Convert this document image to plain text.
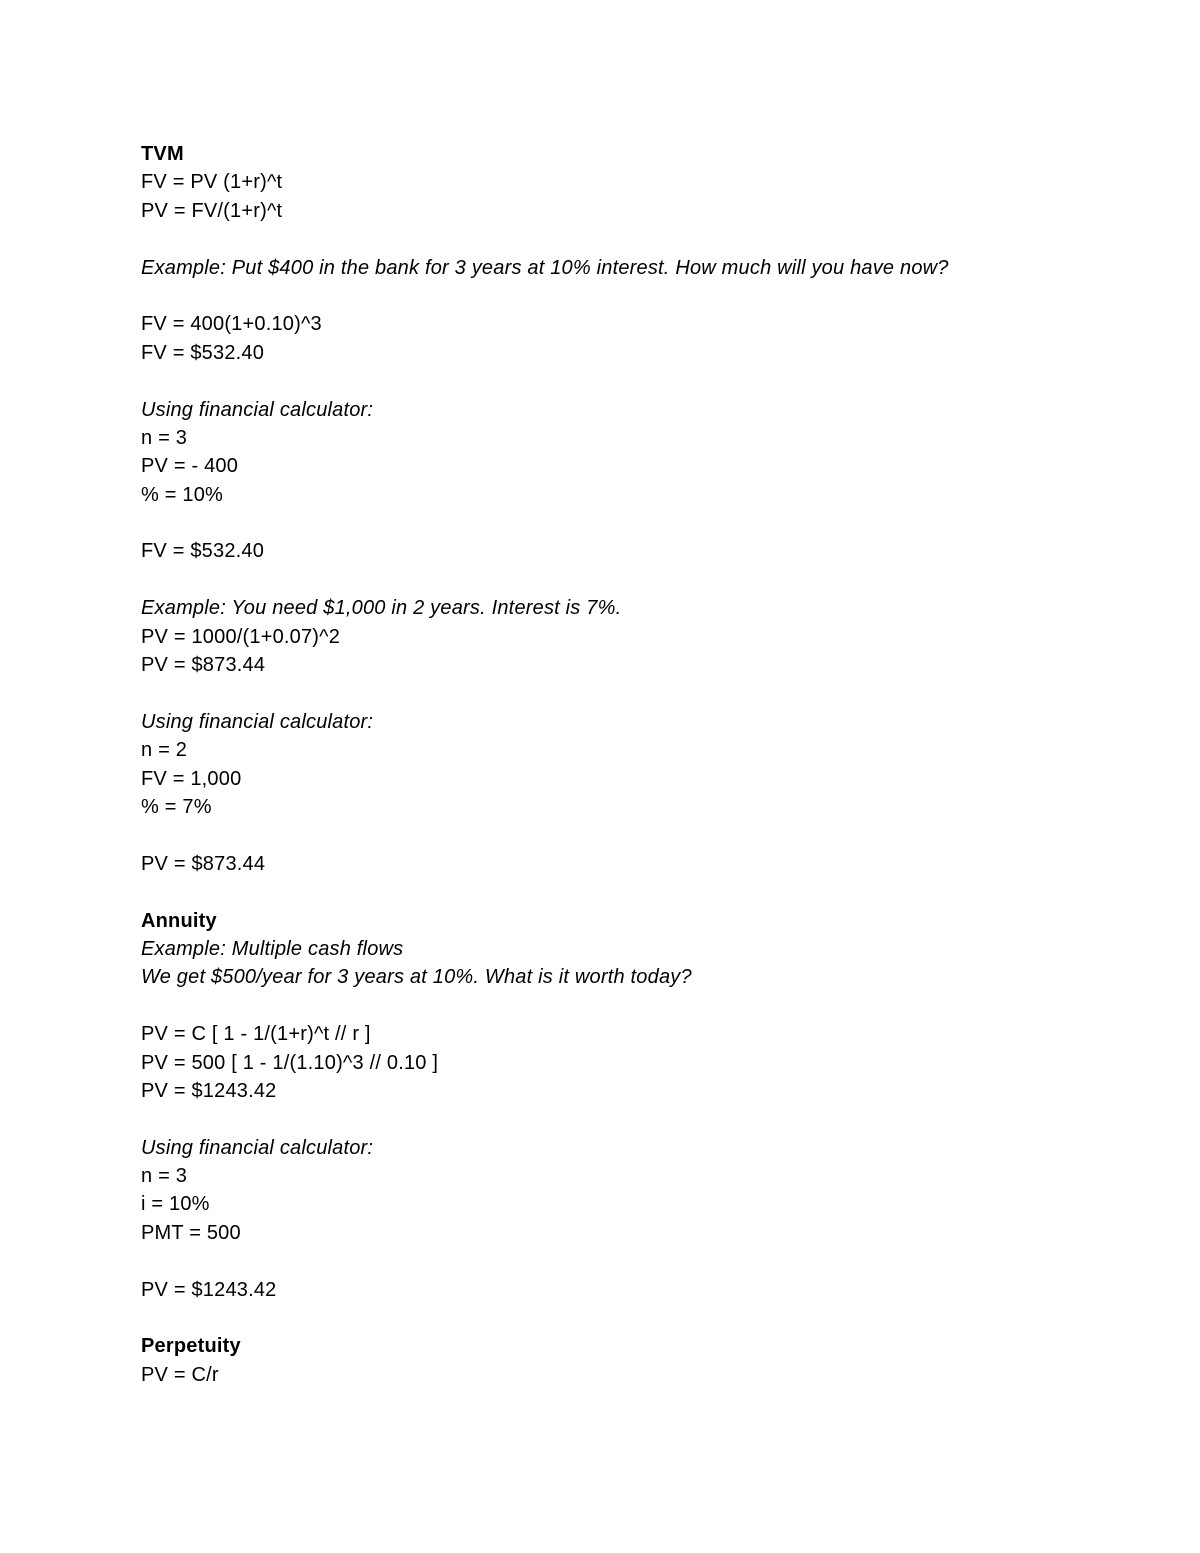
TVM
FV = PV (1+r)^t
PV = FV/(1+r)^t
Example: Put $400 in the bank for 3 years at 10% interest. How much will you have now?
FV = 400(1+0.10)^3
FV = $532.40
Using financial calculator:
n = 3
PV = - 400
% = 10%
FV = $532.40
Example: You need $1,000 in 2 years. Interest is 7%.
PV = 1000/(1+0.07)^2
PV = $873.44
Using financial calculator:
n = 2
FV = 1,000
% = 7%
PV = $873.44
Annuity
Example: Multiple cash flows
We get $500/year for 3 years at 10%. What is it worth today?
PV = C [ 1 - 1/(1+r)^t // r ]
PV = 500 [ 1 - 1/(1.10)^3 // 0.10 ]
PV = $1243.42
Using financial calculator:
n = 3
i = 10%
PMT = 500
PV = $1243.42
Perpetuity
PV = C/r
